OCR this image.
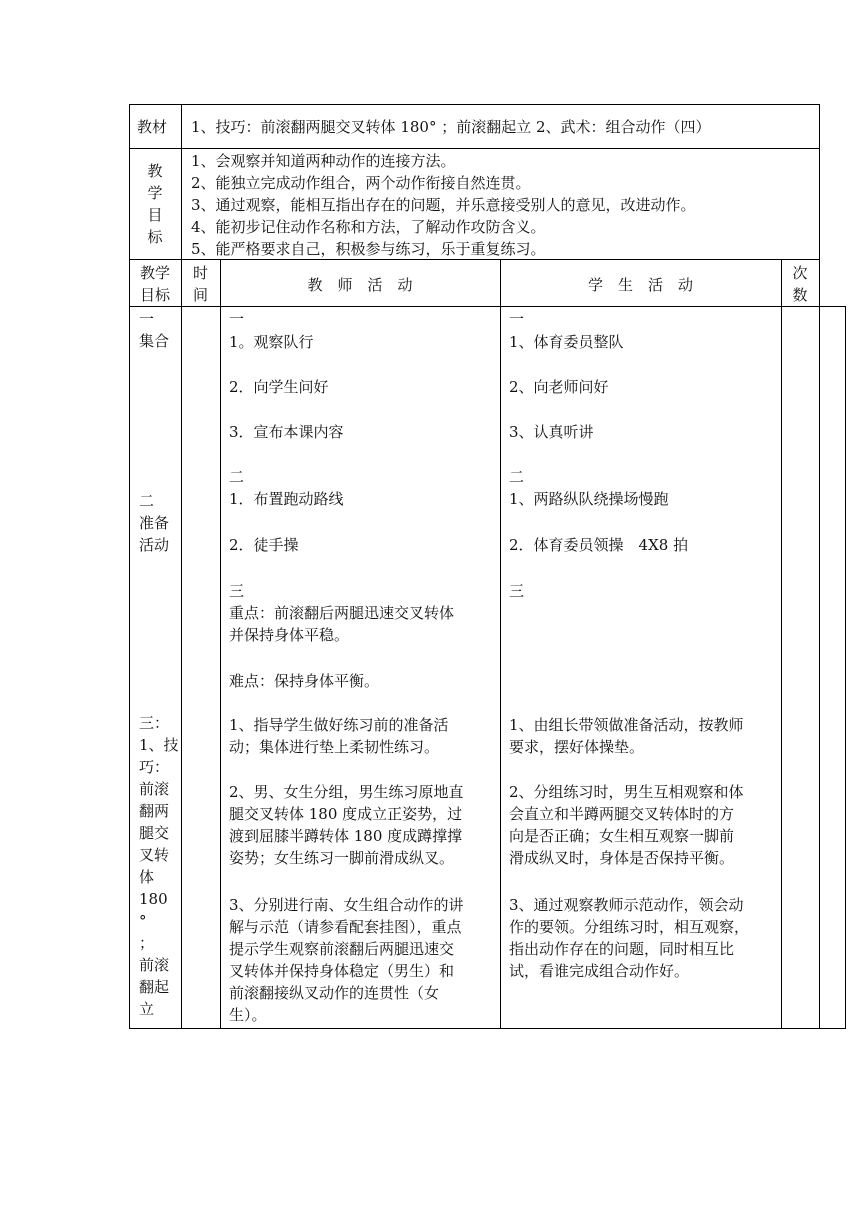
教材 1、技巧：前滚翻两腿交叉转体 180° ；前滚翻起立 2、武术：组合动作（四）
教
学
目
标
1、会观察并知道两种动作的连接方法。
2、能独立完成动作组合，两个动作衔接自然连贯。
3、通过观察，能相互指出存在的问题，并乐意接受别人的意见，改进动作。
4、能初步记住动作名称和方法，了解动作攻防含义。
5、能严格要求自己，积极参与练习，乐于重复练习。
教学
目标
时
间
教　师　活　动	学　生　活　动
次
数
一
集合
二
准备
活动
三：
1、技
巧：
前滚
翻两
腿交
叉转
体
180
°
；
前滚
翻起
立
一
1。观察队行
2．向学生问好
3．宣布本课内容
二
1．布置跑动路线
2．徒手操
三
重点：前滚翻后两腿迅速交叉转体
并保持身体平稳。
难点：保持身体平衡。
1、指导学生做好练习前的准备活
动；集体进行垫上柔韧性练习。
2、男、女生分组，男生练习原地直
腿交叉转体 180 度成立正姿势，过
渡到屈膝半蹲转体 180 度成蹲撑撑
姿势；女生练习一脚前滑成纵叉。
3、分别进行南、女生组合动作的讲
解与示范（请参看配套挂图），重点
提示学生观察前滚翻后两腿迅速交
叉转体并保持身体稳定（男生）和
前滚翻接纵叉动作的连贯性（女
生）。
一
1、体育委员整队
2、向老师问好
3、认真听讲
二
1、两路纵队绕操场慢跑
2．体育委员领操　4X8 拍
三
1、由组长带领做准备活动，按教师
要求，摆好体操垫。
2、分组练习时，男生互相观察和体
会直立和半蹲两腿交叉转体时的方
向是否正确；女生相互观察一脚前
滑成纵叉时，身体是否保持平衡。
3、通过观察教师示范动作，领会动
作的要领。分组练习时，相互观察，
指出动作存在的问题，同时相互比
试，看谁完成组合动作好。
